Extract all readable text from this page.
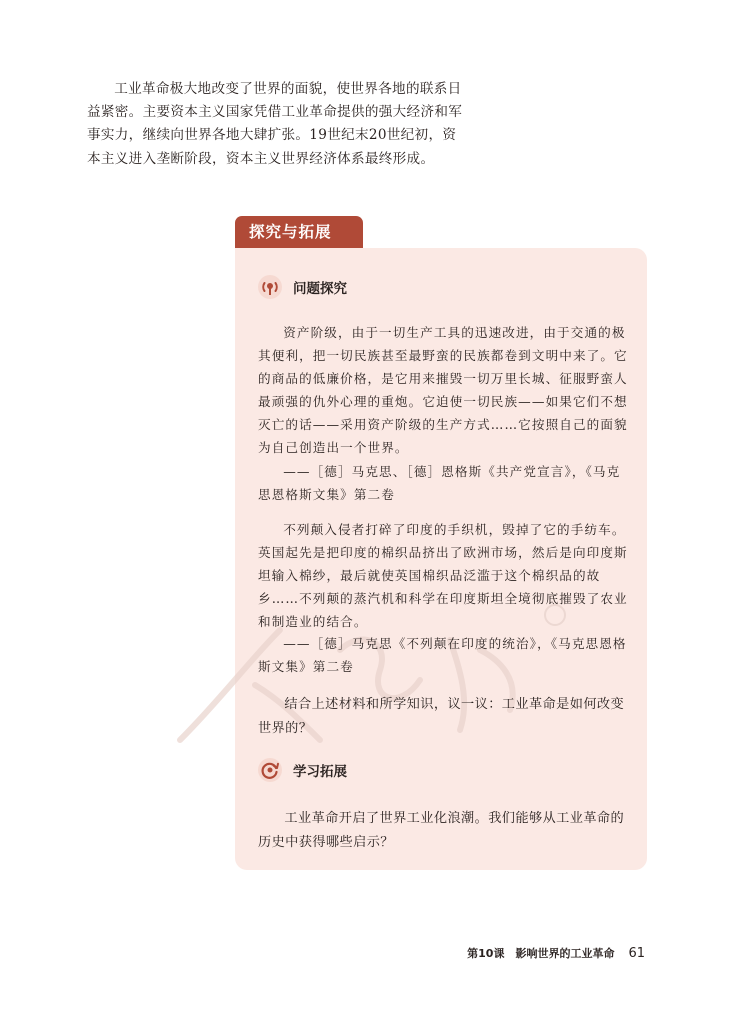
工业革命极大地改变了世界的面貌，使世界各地的联系日益紧密。主要资本主义国家凭借工业革命提供的强大经济和军事实力，继续向世界各地大肆扩张。19世纪末20世纪初，资本主义进入垄断阶段，资本主义世界经济体系最终形成。

探究与拓展
问题探究

资产阶级，由于一切生产工具的迅速改进，由于交通的极其便利，把一切民族甚至最野蛮的民族都卷到文明中来了。它的商品的低廉价格，是它用来摧毁一切万里长城、征服野蛮人最顽强的仇外心理的重炮。它迫使一切民族——如果它们不想灭亡的话——采用资产阶级的生产方式……它按照自己的面貌为自己创造出一个世界。

——［德］马克思、［德］恩格斯《共产党宣言》，《马克思恩格斯文集》第二卷

不列颠入侵者打碎了印度的手织机，毁掉了它的手纺车。英国起先是把印度的棉织品挤出了欧洲市场，然后是向印度斯坦输入棉纱，最后就使英国棉织品泛滥于这个棉织品的故乡……不列颠的蒸汽机和科学在印度斯坦全境彻底摧毁了农业和制造业的结合。

——［德］马克思《不列颠在印度的统治》，《马克思恩格斯文集》第二卷

结合上述材料和所学知识，议一议：工业革命是如何改变世界的？

学习拓展

工业革命开启了世界工业化浪潮。我们能够从工业革命的历史中获得哪些启示？

第10课　影响世界的工业革命 61
